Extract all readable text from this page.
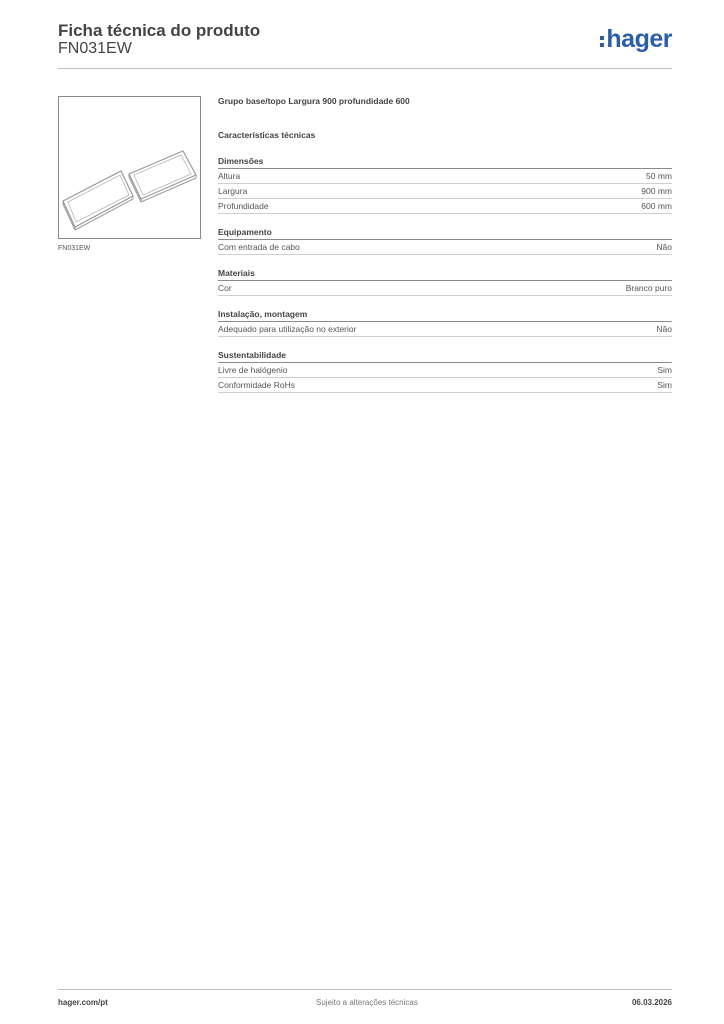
Ficha técnica do produto
FN031EW	hager
FN031EW
Grupo base/topo Largura 900 profundidade 600
Características técnicas
Dimensões
Altura	50 mm
Largura	900 mm
Profundidade	600 mm
Equipamento
Com entrada de cabo	Não
Materiais
Cor	Branco puro
Instalação, montagem
Adequado para utilização no exterior	Não
Sustentabilidade
Livre de halógenio	Sim
Conformidade RoHs	Sim
hager.com/pt	Sujeito a alterações técnicas	06.03.2026
